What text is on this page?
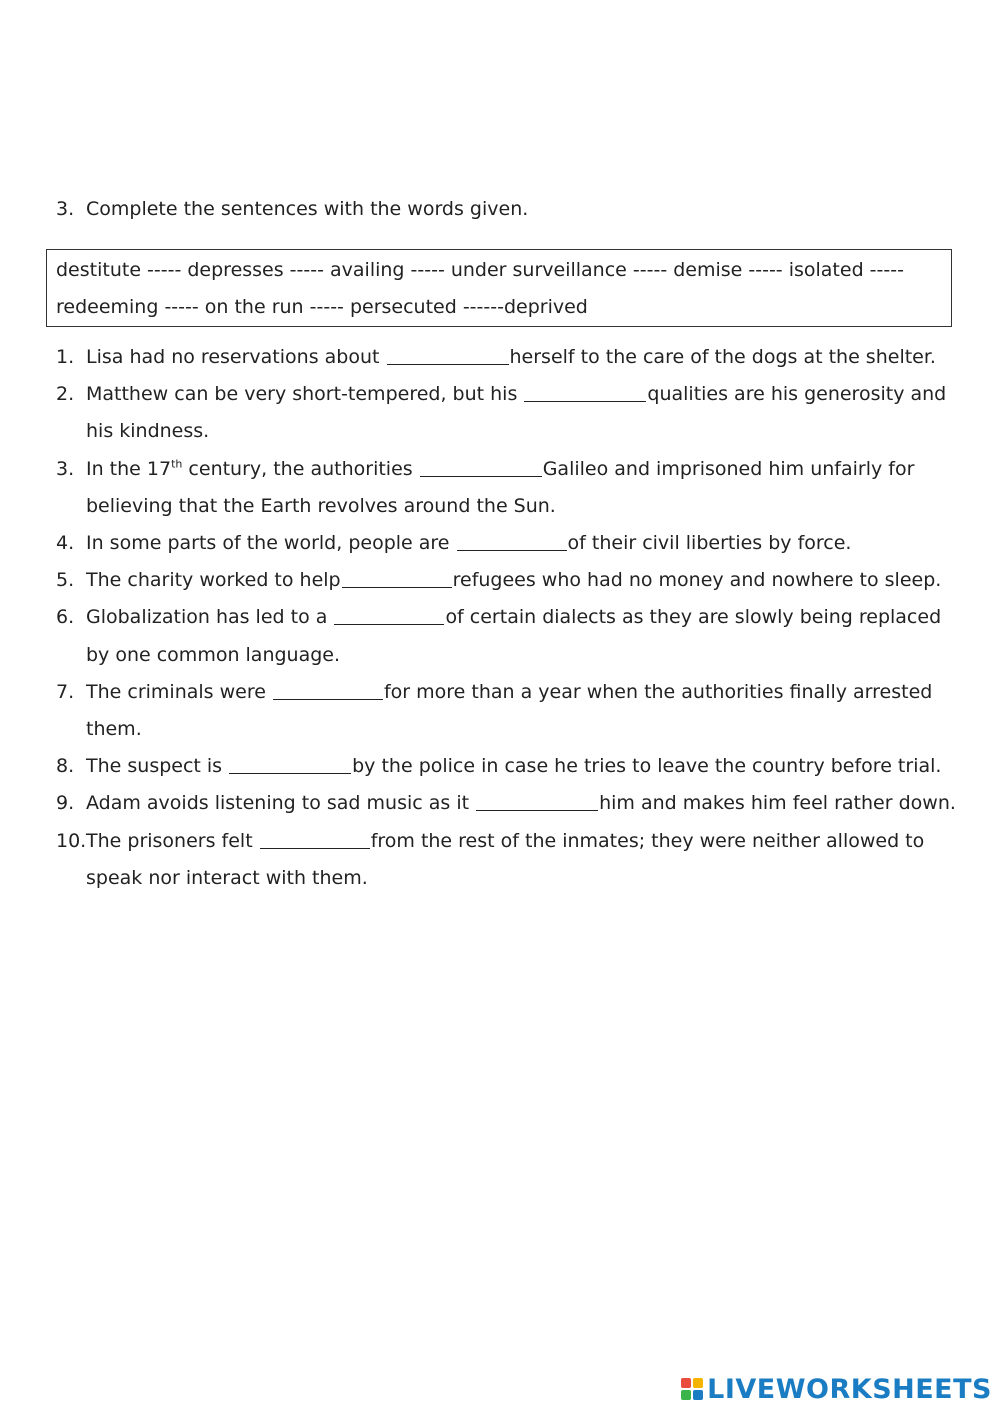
3. Complete the sentences with the words given.
destitute ----- depresses ----- availing ----- under surveillance ----- demise ----- isolated -----
redeeming ----- on the run ----- persecuted ------deprived
1. Lisa had no reservations about	herself to the care of the dogs at the shelter.
2. Matthew can be very short-tempered, but his	qualities are his generosity and his kindness.
3. In the 17th century, the authorities	Galileo and imprisoned him unfairly for believing that the Earth revolves around the Sun.
4. In some parts of the world, people are	of their civil liberties by force.
5. The charity worked to help	refugees who had no money and nowhere to sleep.
6. Globalization has led to a	of certain dialects as they are slowly being replaced by one common language.
7. The criminals were	for more than a year when the authorities finally arrested them.
8. The suspect is	by the police in case he tries to leave the country before trial.
9. Adam avoids listening to sad music as it	him and makes him feel rather down.
10. The prisoners felt	from the rest of the inmates; they were neither allowed to speak nor interact with them.
LIVEWORKSHEETS
